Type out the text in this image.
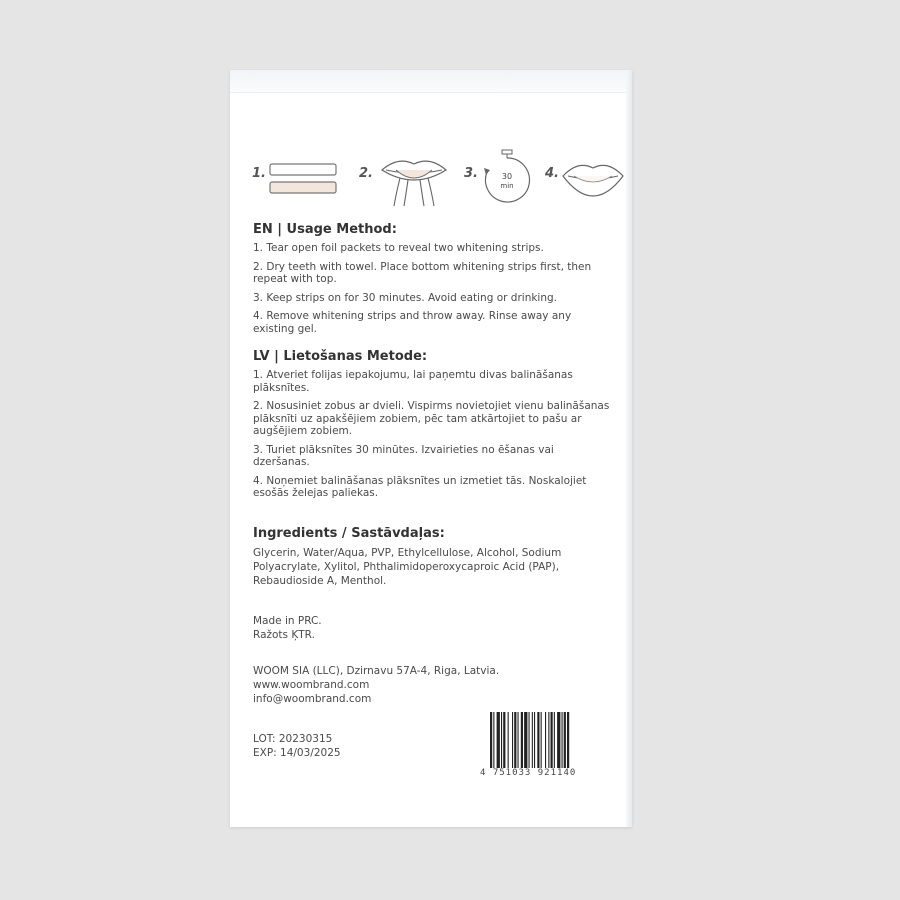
1.	2.	3.	30
min
4.
EN | Usage Method:

1. Tear open foil packets to reveal two whitening strips.

2. Dry teeth with towel. Place bottom whitening strips first, then repeat with top.

3. Keep strips on for 30 minutes. Avoid eating or drinking.

4. Remove whitening strips and throw away. Rinse away any existing gel.

LV | Lietošanas Metode:

1. Atveriet folijas iepakojumu, lai paņemtu divas balināšanas plāksnītes.

2. Nosusiniet zobus ar dvieli. Vispirms novietojiet vienu balināšanas plāksnīti uz apakšējiem zobiem, pēc tam atkārtojiet to pašu ar augšējiem zobiem.

3. Turiet plāksnītes 30 minūtes. Izvairieties no ēšanas vai dzeršanas.

4. Noņemiet balināšanas plāksnītes un izmetiet tās. Noskalojiet esošās želejas paliekas.

Ingredients / Sastāvdaļas:

Glycerin, Water/Aqua, PVP, Ethylcellulose, Alcohol, Sodium Polyacrylate, Xylitol, Phthalimidoperoxycaproic Acid (PAP), Rebaudioside A, Menthol.

Made in PRC.

Ražots ĶTR.

WOOM SIA (LLC), Dzirnavu 57A-4, Riga, Latvia.

www.woombrand.com

info@woombrand.com

LOT: 20230315

EXP: 14/03/2025

4 751033 921140
